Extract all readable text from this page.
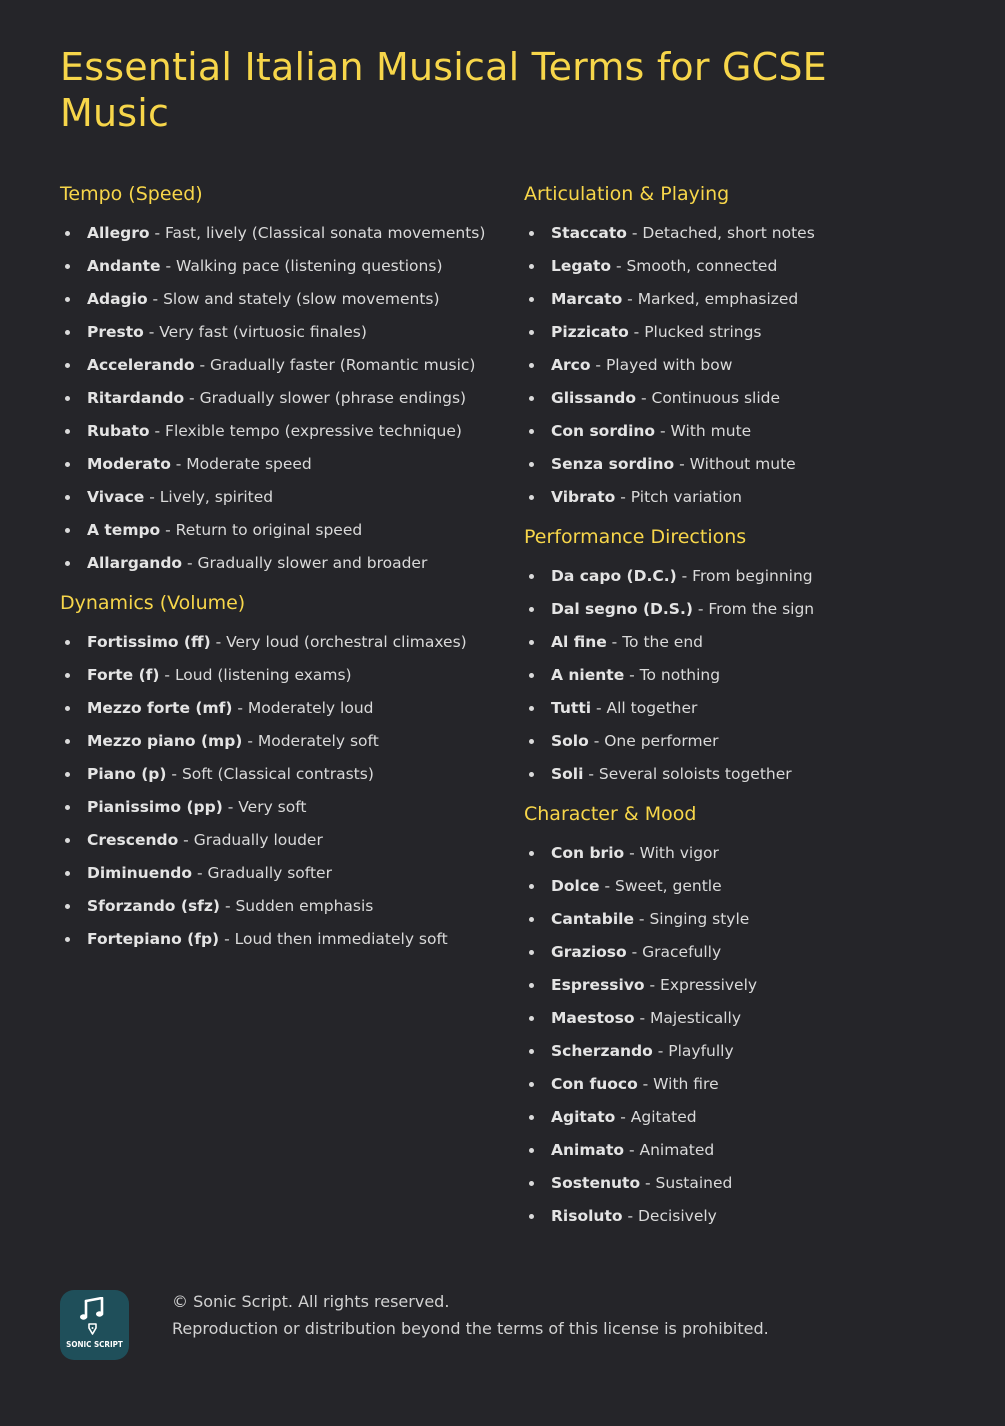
Essential Italian Musical Terms for GCSE Music
Tempo (Speed)
Allegro - Fast, lively (Classical sonata movements)
Andante - Walking pace (listening questions)
Adagio - Slow and stately (slow movements)
Presto - Very fast (virtuosic finales)
Accelerando - Gradually faster (Romantic music)
Ritardando - Gradually slower (phrase endings)
Rubato - Flexible tempo (expressive technique)
Moderato - Moderate speed
Vivace - Lively, spirited
A tempo - Return to original speed
Allargando - Gradually slower and broader
Dynamics (Volume)
Fortissimo (ff) - Very loud (orchestral climaxes)
Forte (f) - Loud (listening exams)
Mezzo forte (mf) - Moderately loud
Mezzo piano (mp) - Moderately soft
Piano (p) - Soft (Classical contrasts)
Pianissimo (pp) - Very soft
Crescendo - Gradually louder
Diminuendo - Gradually softer
Sforzando (sfz) - Sudden emphasis
Fortepiano (fp) - Loud then immediately soft
Articulation & Playing
Staccato - Detached, short notes
Legato - Smooth, connected
Marcato - Marked, emphasized
Pizzicato - Plucked strings
Arco - Played with bow
Glissando - Continuous slide
Con sordino - With mute
Senza sordino - Without mute
Vibrato - Pitch variation
Performance Directions
Da capo (D.C.) - From beginning
Dal segno (D.S.) - From the sign
Al fine - To the end
A niente - To nothing
Tutti - All together
Solo - One performer
Soli - Several soloists together
Character & Mood
Con brio - With vigor
Dolce - Sweet, gentle
Cantabile - Singing style
Grazioso - Gracefully
Espressivo - Expressively
Maestoso - Majestically
Scherzando - Playfully
Con fuoco - With fire
Agitato - Agitated
Animato - Animated
Sostenuto - Sustained
Risoluto - Decisively
SONIC SCRIPT
© Sonic Script. All rights reserved.
Reproduction or distribution beyond the terms of this license is prohibited.
